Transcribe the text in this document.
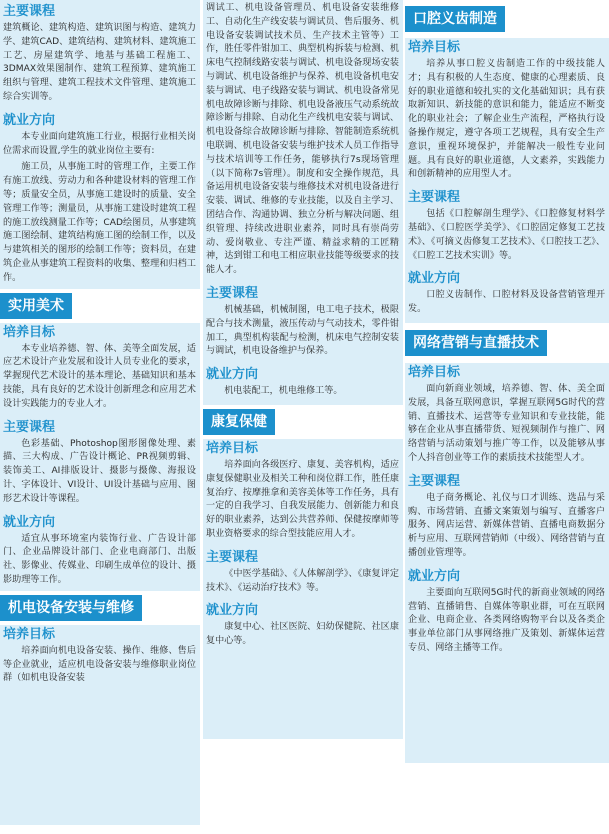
主要课程

建筑概论、建筑构造、建筑识图与构造、建筑力学、建筑CAD、建筑结构、建筑材料、建筑施工工艺、房屋建筑学、地基与基础工程施工、3DMAX效果图制作、建筑工程预算、建筑施工组织与管理、建筑工程技术文件管理、建筑施工综合实训等。

就业方向

本专业面向建筑施工行业，根据行业相关岗位需求而设置,学生的就业岗位主要有:

施工员，从事施工时的管理工作，主要工作有施工放线、劳动力和各种建设材料的管理工作等；质量安全员，从事施工建设时的质量、安全管理工作等；测量员，从事施工建设时建筑工程的施工放线测量工作等；CAD绘图员，从事建筑施工图绘制、建筑结构施工图的绘制工作，以及与建筑相关的图形的绘制工作等；资料员，在建筑企业从事建筑工程资料的收集、整理和归档工作。

实用美术
培养目标

本专业培养德、智、体、美等全面发展，适应艺术设计产业发展和设计人员专业化的要求，掌握现代艺术设计的基本理论、基础知识和基本技能，具有良好的艺术设计创新理念和应用艺术设计实践能力的专业人才。

主要课程

色彩基础、Photoshop图形图像处理、素描、三大构成、广告设计概论、PR视频剪辑、装饰美工、AI排版设计、摄影与摄像、海报设计、字体设计、VI设计、UI设计基础与应用、图形艺术设计等课程。

就业方向

适宜从事环境室内装饰行业、广告设计部门、企业品牌设计部门、企业电商部门、出版社、影像业、传媒业、印刷生成单位的设计、摄影助理等工作。

机电设备安装与维修
培养目标

培养面向机电设备安装、操作、维修、售后等企业就业，适应机电设备安装与维修职业岗位群（如机电设备安装

调试工、机电设备管理员、机电设备安装维修工、自动化生产线安装与调试员、售后服务、机电设备安装调试技术员、生产技术主管等）工作，胜任零件钳加工、典型机构拆装与检测、机床电气控制线路安装与调试、机电设备现场安装与调试、机电设备维护与保养、机电设备机电安装与调试、电子线路安装与调试、机电设备常见机电故障诊断与排除、机电设备液压气动系统故障诊断与排除、自动化生产线机电安装与调试、机电设备综合故障诊断与排除、智能制造系统机电联调、机电设备安装与维护技术人员工作指导与技术培训等工作任务，能够执行7s现场管理（以下简称7s管理）。制度和安全操作规范，具备运用机电设备安装与维修技术对机电设备进行安装、调试、维修的专业技能，以及自主学习、团结合作、沟通协调、独立分析与解决问题、组织管理、持续改进职业素养，同时具有崇尚劳动、爱岗敬业、专注严谨、精益求精的工匠精神，达到钳工和电工相应职业技能等级要求的技能人才。

主要课程

机械基础，机械制图，电工电子技术，极限配合与技术测量，液压传动与气动技术，零件钳加工，典型机构装配与检测，机床电气控制安装与调试，机电设备维护与保养。

就业方向

机电装配工，机电维修工等。

康复保健
培养目标

培养面向各级医疗、康复、美容机构，适应康复保健职业及相关工种和岗位群工作，胜任康复治疗、按摩推拿和美容美体等工作任务，具有一定的自我学习、自我发展能力、创新能力和良好的职业素养，达到公共营养师、保健按摩师等职业资格要求的综合型技能应用人才。

主要课程

《中医学基础》、《人体解剖学》、《康复评定技术》、《运动治疗技术》等。

就业方向

康复中心、社区医院、妇幼保健院、社区康复中心等。

口腔义齿制造
培养目标

培养从事口腔义齿制造工作的中级技能人才；具有积极的人生态度、健康的心理素质、良好的职业道德和较扎实的文化基础知识；具有获取新知识、新技能的意识和能力，能适应不断变化的职业社会；了解企业生产流程，严格执行设备操作规定，遵守各项工艺规程，具有安全生产意识，重视环境保护，并能解决一般性专业问题。具有良好的职业道德，人文素养，实践能力和创新精神的应用型人才。

主要课程

包括《口腔解剖生理学》、《口腔修复材料学基础》、《口腔医学美学》、《口腔固定修复工艺技术》、《可摘义齿修复工艺技术》、《口腔技工艺》、《口腔工艺技术实训》等。

就业方向

口腔义齿制作、口腔材料及设备营销管理开发。

网络营销与直播技术
培养目标

面向新商业领域，培养德、智、体、美全面发展，具备互联网意识，掌握互联网5G时代的营销、直播技术、运营等专业知识和专业技能，能够在企业从事直播带货、短视频制作与推广、网络营销与活动策划与推广等工作，以及能够从事个人抖音创业等工作的素质技术技能型人才。

主要课程

电子商务概论、礼仪与口才训练、选品与采购、市场营销、直播文案策划与编写、直播客户服务、网店运营、新媒体营销、直播电商数据分析与应用、互联网营销师（中级）、网络营销与直播创业管理等。

就业方向

主要面向互联网5G时代的新商业领域的网络营销、直播销售、自媒体等职业群，可在互联网企业、电商企业、各类网络购物平台以及各类企事业单位部门从事网络推广及策划、新媒体运营专员、网络主播等工作。
